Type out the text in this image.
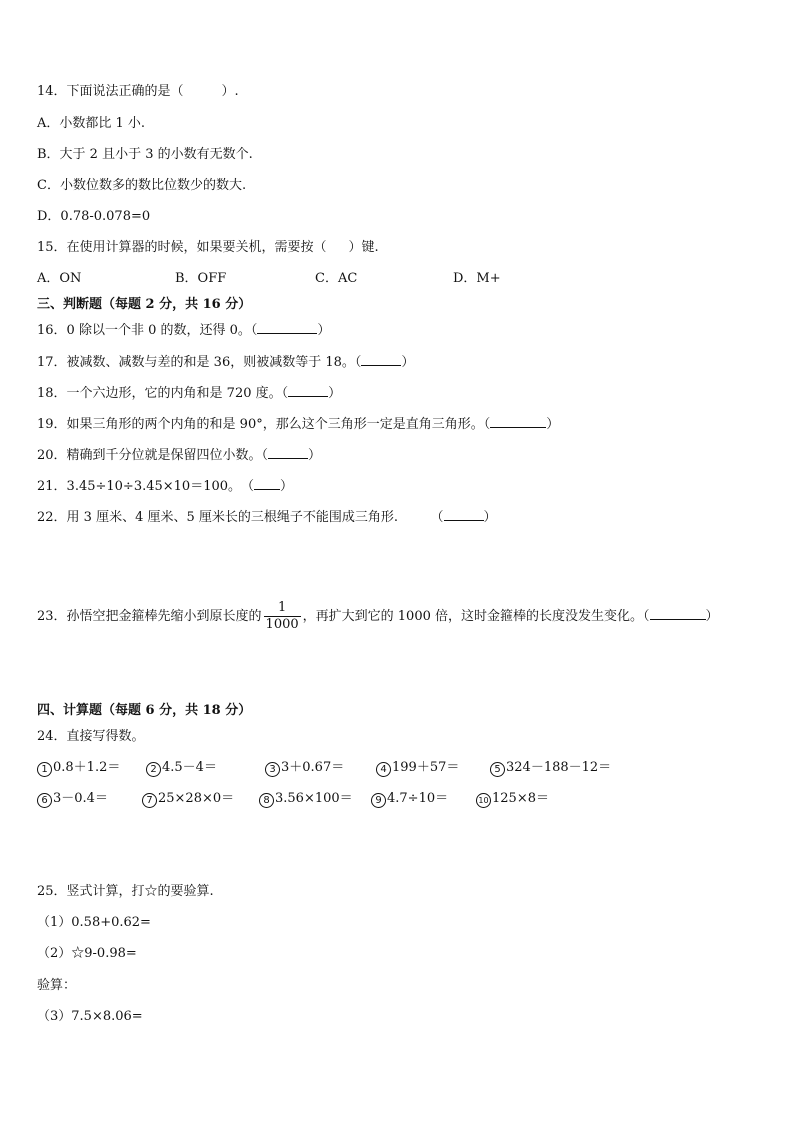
14．下面说法正确的是（	）.
A．小数都比 1 小.
B．大于 2 且小于 3 的小数有无数个.
C．小数位数多的数比位数少的数大.
D．0.78-0.078=0
15．在使用计算器的时候，如果要关机，需要按（ ）键.
A．ON	B．OFF	C．AC	D．M+
三、判断题（每题 2 分，共 16 分）
16．0 除以一个非 0 的数，还得 0。（	）
17．被减数、减数与差的和是 36，则被减数等于 18。（	）
18．一个六边形，它的内角和是 720 度。（	）
19．如果三角形的两个内角的和是 90°，那么这个三角形一定是直角三角形。（	）
20．精确到千分位就是保留四位小数。（	）
21．3.45÷10÷3.45×10＝100。　（ ）
22．用 3 厘米、4 厘米、5 厘米长的三根绳子不能围成三角形.　　　（	）
23．孙悟空把金箍棒先缩小到原长度的 $\frac{1}{1000}$ ，再扩大到它的 1000 倍，这时金箍棒的长度没发生变化。（	）
四、计算题（每题 6 分，共 18 分）
24．直接写得数。
1 0.8＋1.2＝	2 4.5－4＝	3 3＋0.67＝	4 199＋57＝	5 324－188－12＝
6 3－0.4＝	7 25×28×0＝	8 3.56×100＝	9 4.7÷10＝	10 125×8＝
25．竖式计算，打☆的要验算.
（1）0.58+0.62=
（2）☆9-0.98=
验算：
（3）7.5×8.06=
